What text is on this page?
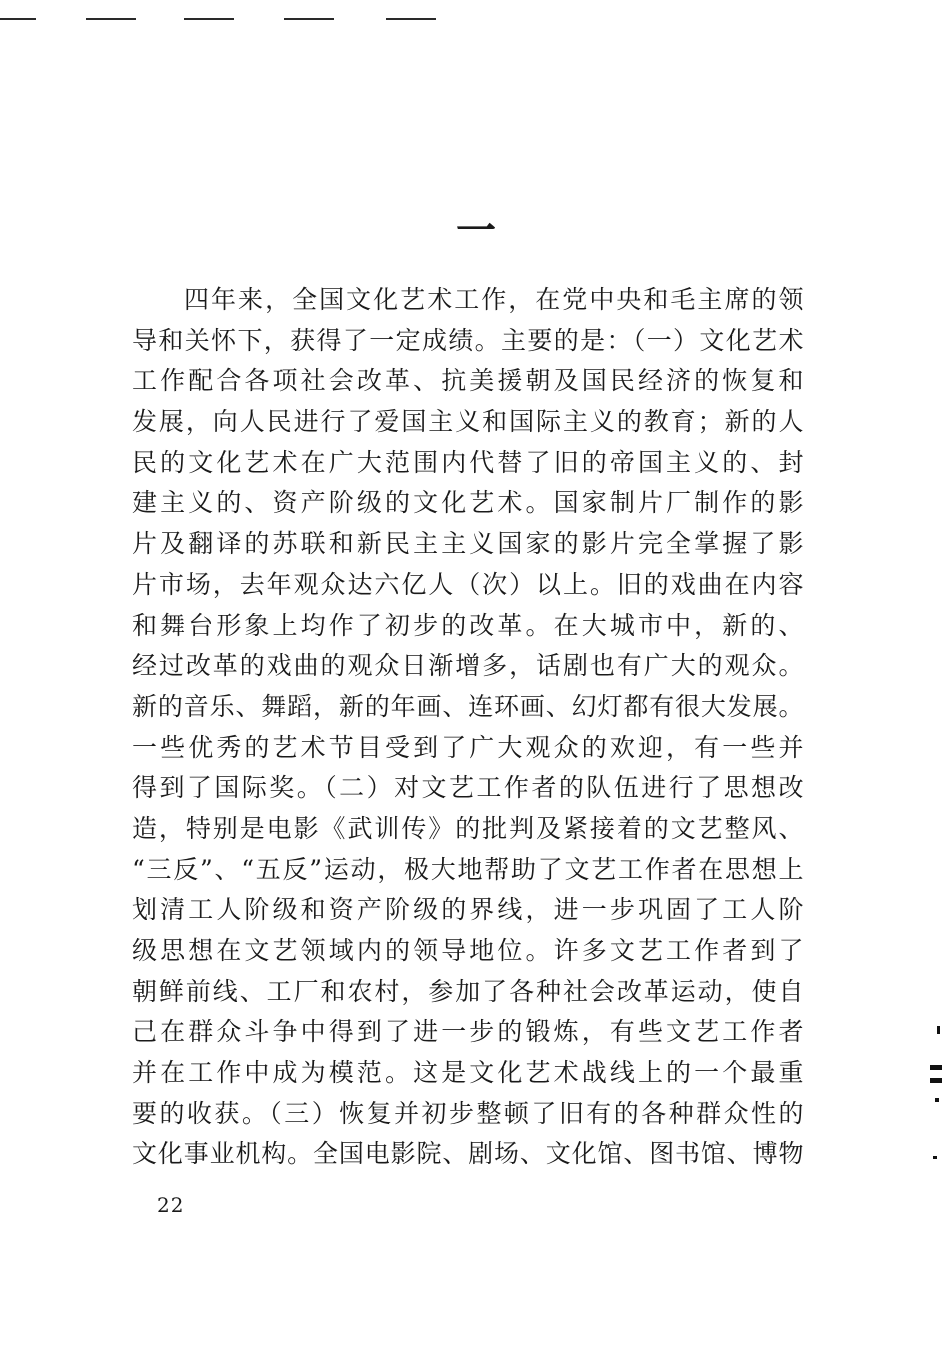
一
四年来，全国文化艺术工作，在党中央和毛主席的领
导和关怀下，获得了一定成绩。主要的是：（一）文化艺术
工作配合各项社会改革、抗美援朝及国民经济的恢复和
发展，向人民进行了爱国主义和国际主义的教育；新的人
民的文化艺术在广大范围内代替了旧的帝国主义的、封
建主义的、资产阶级的文化艺术。国家制片厂制作的影
片及翻译的苏联和新民主主义国家的影片完全掌握了影
片市场，去年观众达六亿人（次）以上。旧的戏曲在内容
和舞台形象上均作了初步的改革。在大城市中，新的、
经过改革的戏曲的观众日渐增多，话剧也有广大的观众。
新的音乐、舞蹈，新的年画、连环画、幻灯都有很大发展。
一些优秀的艺术节目受到了广大观众的欢迎，有一些并
得到了国际奖。（二）对文艺工作者的队伍进行了思想改
造，特别是电影《武训传》的批判及紧接着的文艺整风、
“三反”、“五反”运动，极大地帮助了文艺工作者在思想上
划清工人阶级和资产阶级的界线，进一步巩固了工人阶
级思想在文艺领域内的领导地位。许多文艺工作者到了
朝鲜前线、工厂和农村，参加了各种社会改革运动，使自
己在群众斗争中得到了进一步的锻炼，有些文艺工作者
并在工作中成为模范。这是文化艺术战线上的一个最重
要的收获。（三）恢复并初步整顿了旧有的各种群众性的
文化事业机构。全国电影院、剧场、文化馆、图书馆、博物
22
